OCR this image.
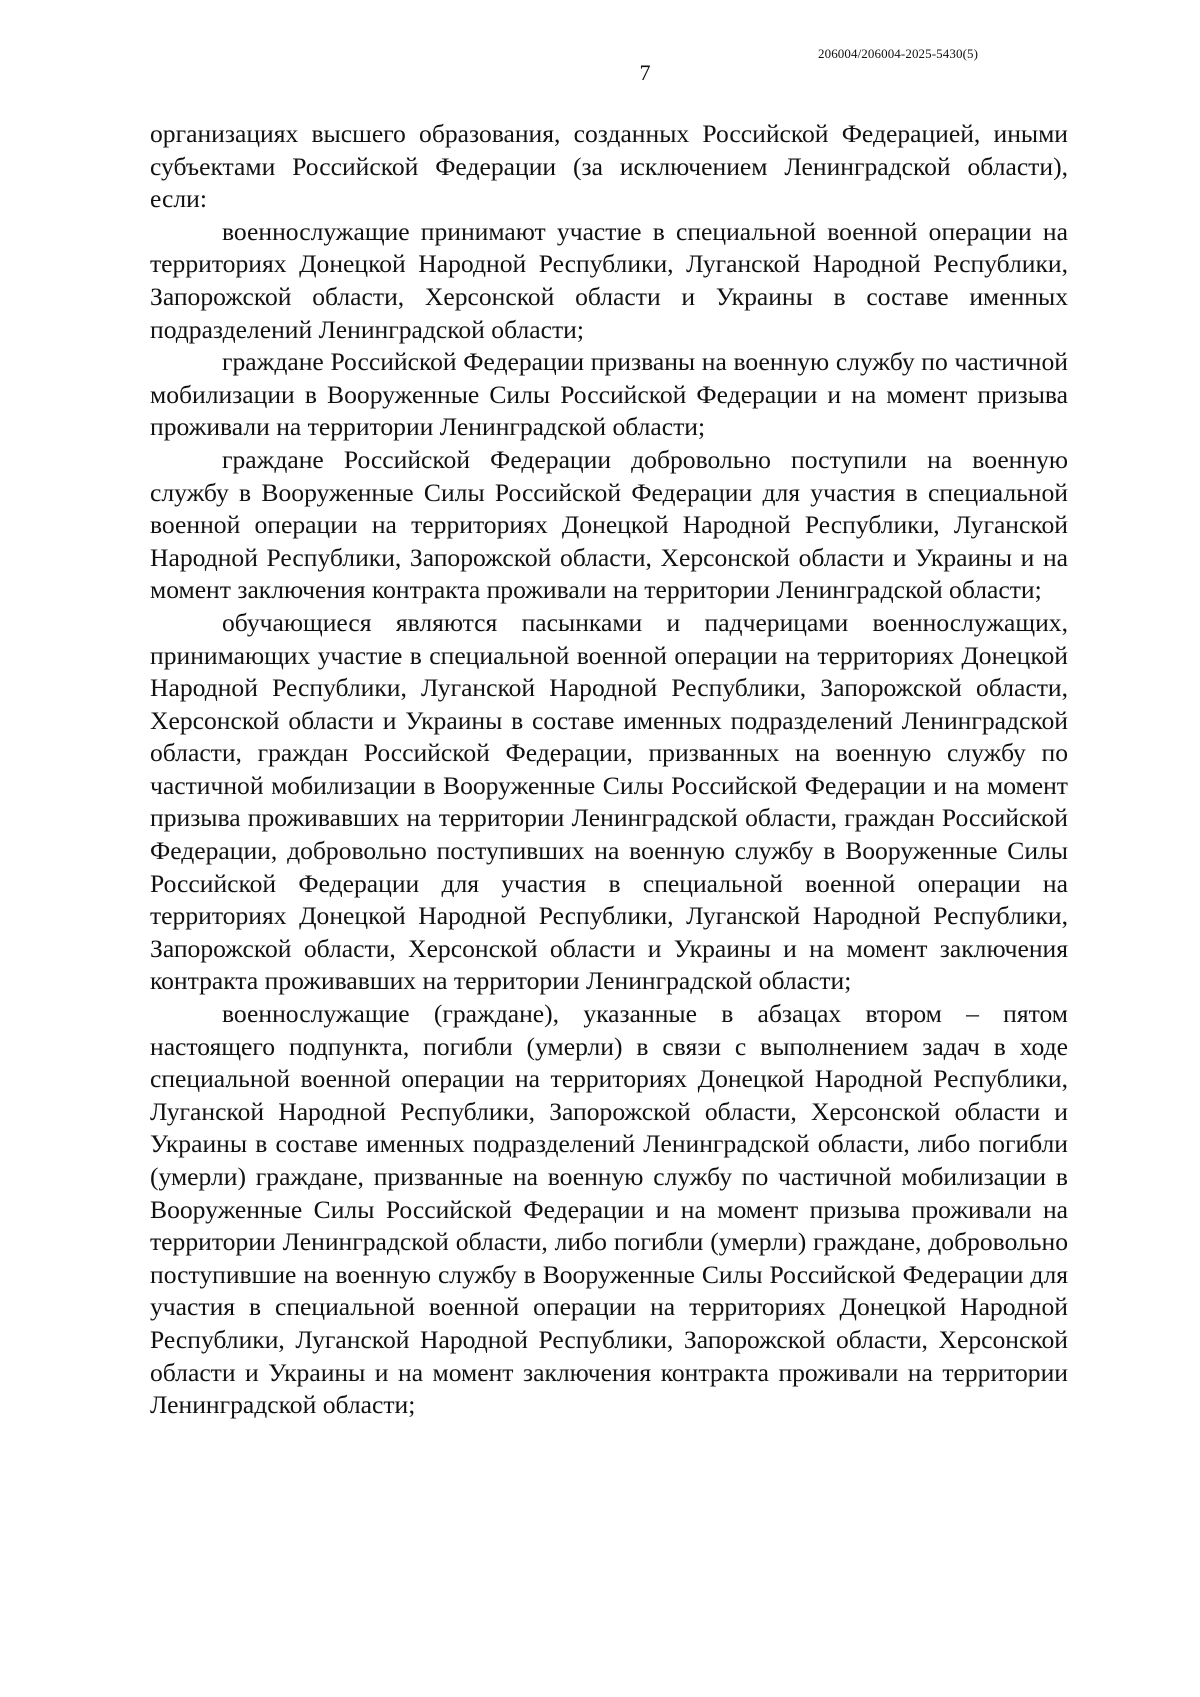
206004/206004-2025-5430(5)
7

организациях высшего образования, созданных Российской Федерацией, иными субъектами Российской Федерации (за исключением Ленинградской области), если:

военнослужащие принимают участие в специальной военной операции на территориях Донецкой Народной Республики, Луганской Народной Республики, Запорожской области, Херсонской области и Украины в составе именных подразделений Ленинградской области;

граждане Российской Федерации призваны на военную службу по частичной мобилизации в Вооруженные Силы Российской Федерации и на момент призыва проживали на территории Ленинградской области;

граждане Российской Федерации добровольно поступили на военную службу в Вооруженные Силы Российской Федерации для участия в специальной военной операции на территориях Донецкой Народной Республики, Луганской Народной Республики, Запорожской области, Херсонской области и Украины и на момент заключения контракта проживали на территории Ленинградской области;

обучающиеся являются пасынками и падчерицами военнослужащих, принимающих участие в специальной военной операции на территориях Донецкой Народной Республики, Луганской Народной Республики, Запорожской области, Херсонской области и Украины в составе именных подразделений Ленинградской области, граждан Российской Федерации, призванных на военную службу по частичной мобилизации в Вооруженные Силы Российской Федерации и на момент призыва проживавших на территории Ленинградской области, граждан Российской Федерации, добровольно поступивших на военную службу в Вооруженные Силы Российской Федерации для участия в специальной военной операции на территориях Донецкой Народной Республики, Луганской Народной Республики, Запорожской области, Херсонской области и Украины и на момент заключения контракта проживавших на территории Ленинградской области;

военнослужащие (граждане), указанные в абзацах втором – пятом настоящего подпункта, погибли (умерли) в связи с выполнением задач в ходе специальной военной операции на территориях Донецкой Народной Республики, Луганской Народной Республики, Запорожской области, Херсонской области и Украины в составе именных подразделений Ленинградской области, либо погибли (умерли) граждане, призванные на военную службу по частичной мобилизации в Вооруженные Силы Российской Федерации и на момент призыва проживали на территории Ленинградской области, либо погибли (умерли) граждане, добровольно поступившие на военную службу в Вооруженные Силы Российской Федерации для участия в специальной военной операции на территориях Донецкой Народной Республики, Луганской Народной Республики, Запорожской области, Херсонской области и Украины и на момент заключения контракта проживали на территории Ленинградской области;
